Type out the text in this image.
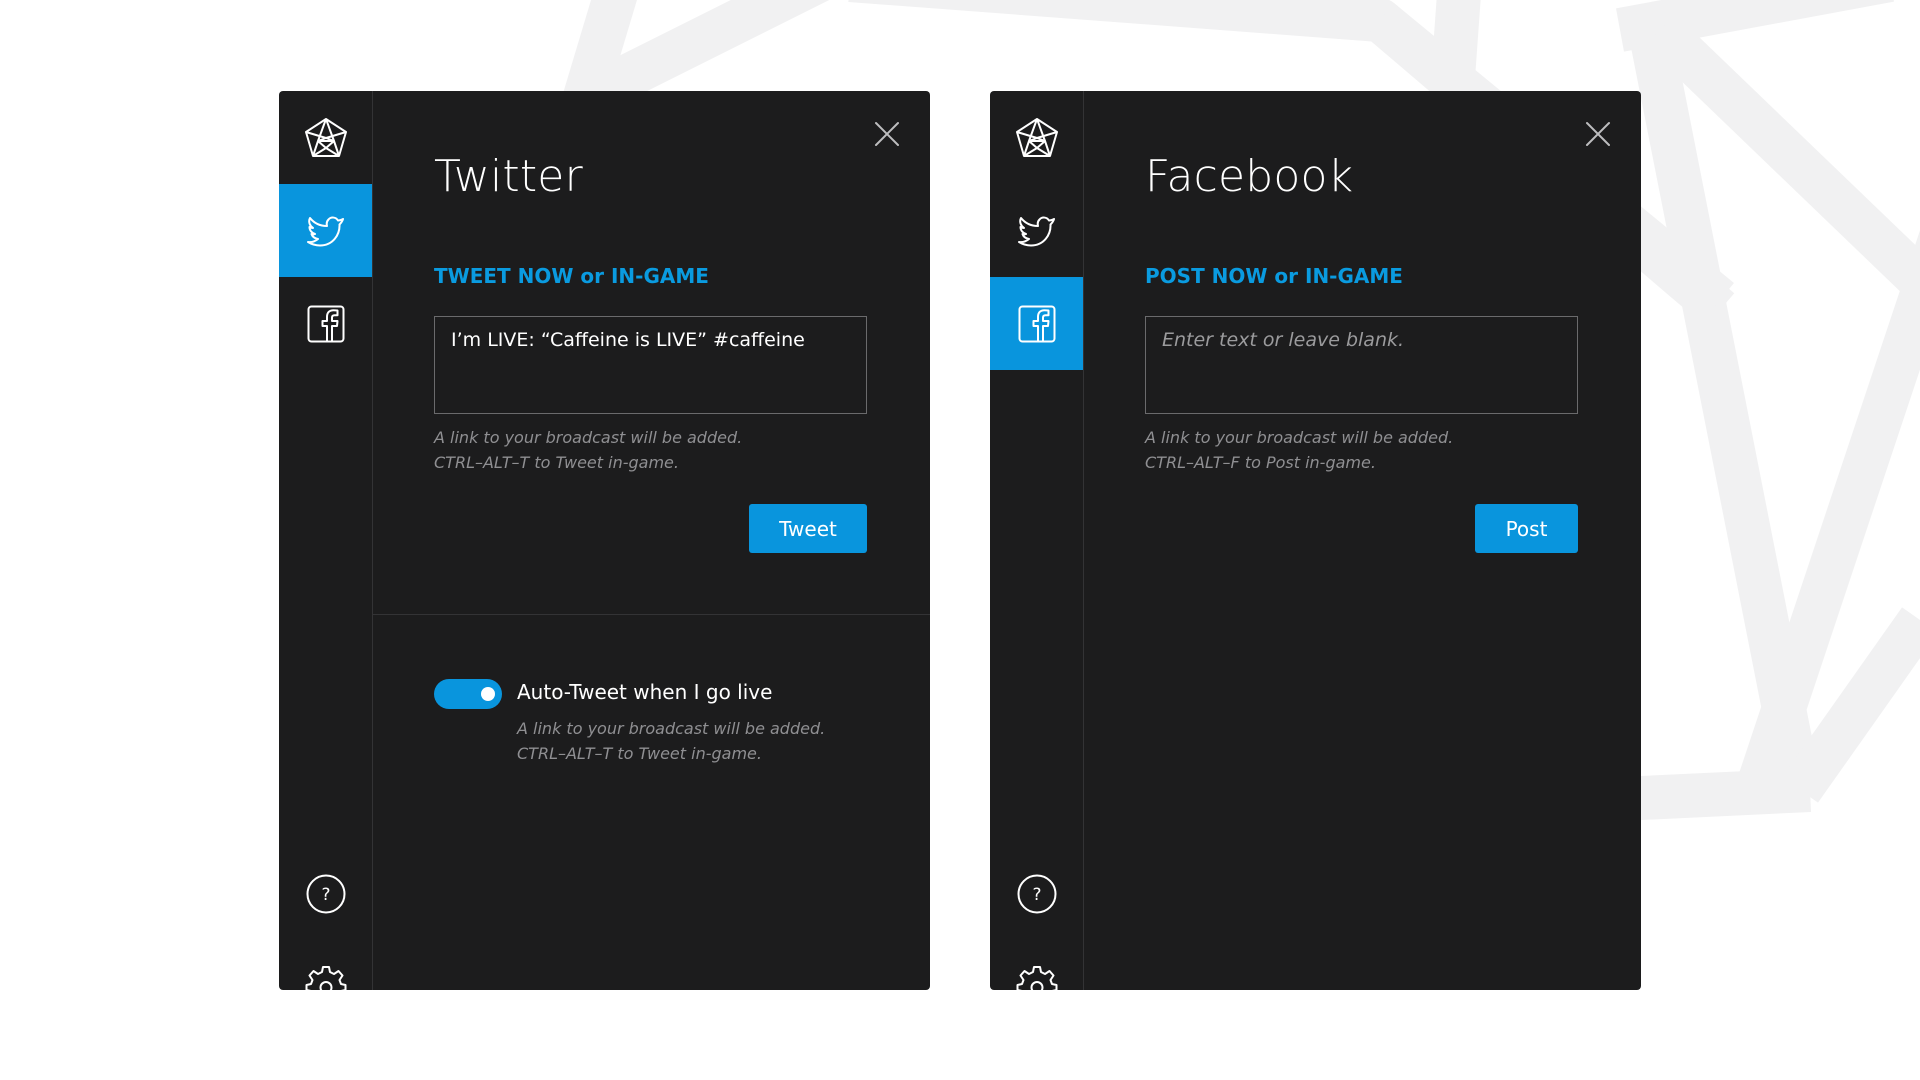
?
Twitter
TWEET NOW or IN-GAME
I’m LIVE: “Caffeine is LIVE” #caffeine
A link to your broadcast will be added.
CTRL–ALT–T to Tweet in-game.
Tweet
Auto-Tweet when I go live
A link to your broadcast will be added.
CTRL–ALT–T to Tweet in-game.
?
Facebook
POST NOW or IN-GAME
Enter text or leave blank.
A link to your broadcast will be added.
CTRL–ALT–F to Post in-game.
Post
